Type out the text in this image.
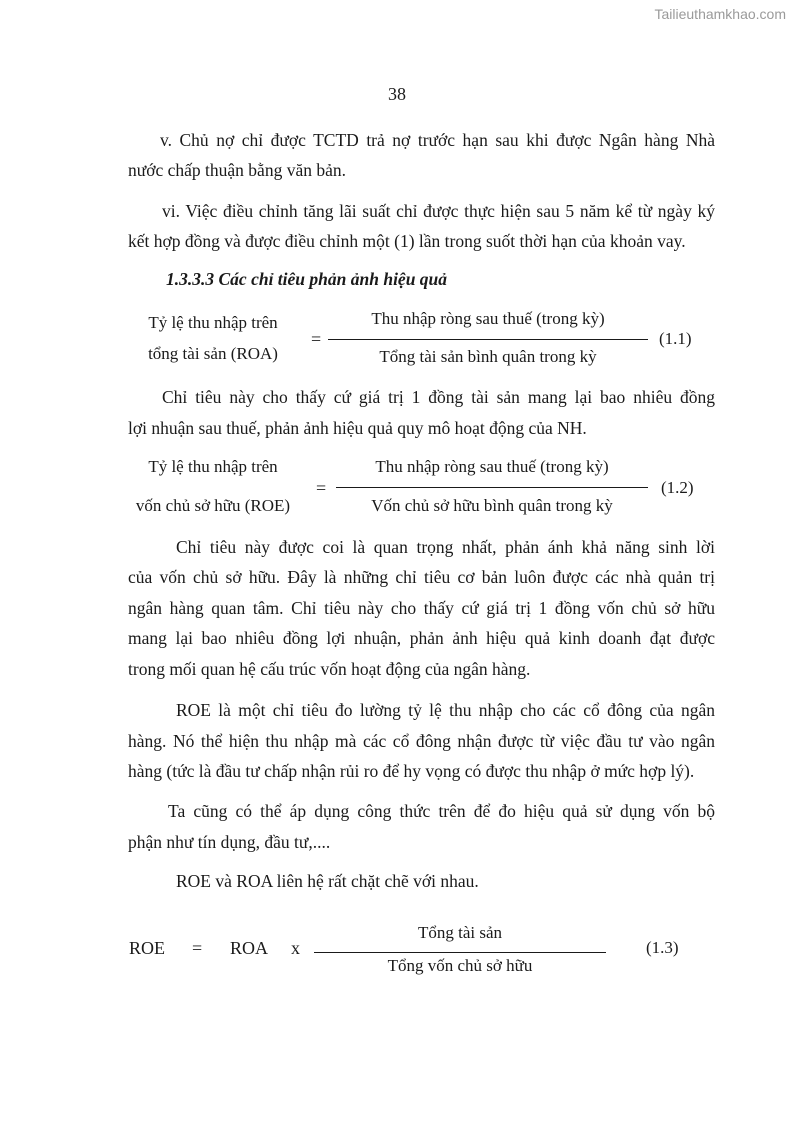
Tailieuthamkhao.com
38
v. Chủ nợ chỉ được TCTD trả nợ trước hạn sau khi được Ngân hàng Nhà
nước chấp thuận bằng văn bản.
vi. Việc điều chỉnh tăng lãi suất chỉ được thực hiện sau 5 năm kể từ ngày ký
kết hợp đồng và được điều chỉnh một (1) lần trong suốt thời hạn của khoản vay.
1.3.3.3 Các chỉ tiêu phản ảnh hiệu quả
Tỷ lệ thu nhập trên
tổng tài sản (ROA)
=
Thu nhập ròng sau thuế (trong kỳ)
Tổng tài sản bình quân trong kỳ
(1.1)
Chỉ tiêu này cho thấy cứ giá trị 1 đồng tài sản mang lại bao nhiêu đồng
lợi nhuận sau thuế, phản ảnh hiệu quả quy mô hoạt động của NH.
Tỷ lệ thu nhập trên
vốn chủ sở hữu (ROE)
=
Thu nhập ròng sau thuế (trong kỳ)
Vốn chủ sở hữu bình quân trong kỳ
(1.2)
Chỉ tiêu này được coi là quan trọng nhất, phản ánh khả năng sinh lời
của vốn chủ sở hữu. Đây là những chỉ tiêu cơ bản luôn được các nhà quản trị
ngân hàng quan tâm. Chỉ tiêu này cho thấy cứ giá trị 1 đồng vốn chủ sở hữu
mang lại bao nhiêu đồng lợi nhuận, phản ảnh hiệu quả kinh doanh đạt được
trong mối quan hệ cấu trúc vốn hoạt động của ngân hàng.
ROE là một chỉ tiêu đo lường tỷ lệ thu nhập cho các cổ đông của ngân
hàng. Nó thể hiện thu nhập mà các cổ đông nhận được từ việc đầu tư vào ngân
hàng (tức là đầu tư chấp nhận rủi ro để hy vọng có được thu nhập ở mức hợp lý).
Ta cũng có thể áp dụng công thức trên để đo hiệu quả sử dụng vốn bộ
phận như tín dụng, đầu tư,....
ROE và ROA liên hệ rất chặt chẽ với nhau.
ROE = ROA x
Tổng tài sản
Tổng vốn chủ sở hữu
(1.3)
